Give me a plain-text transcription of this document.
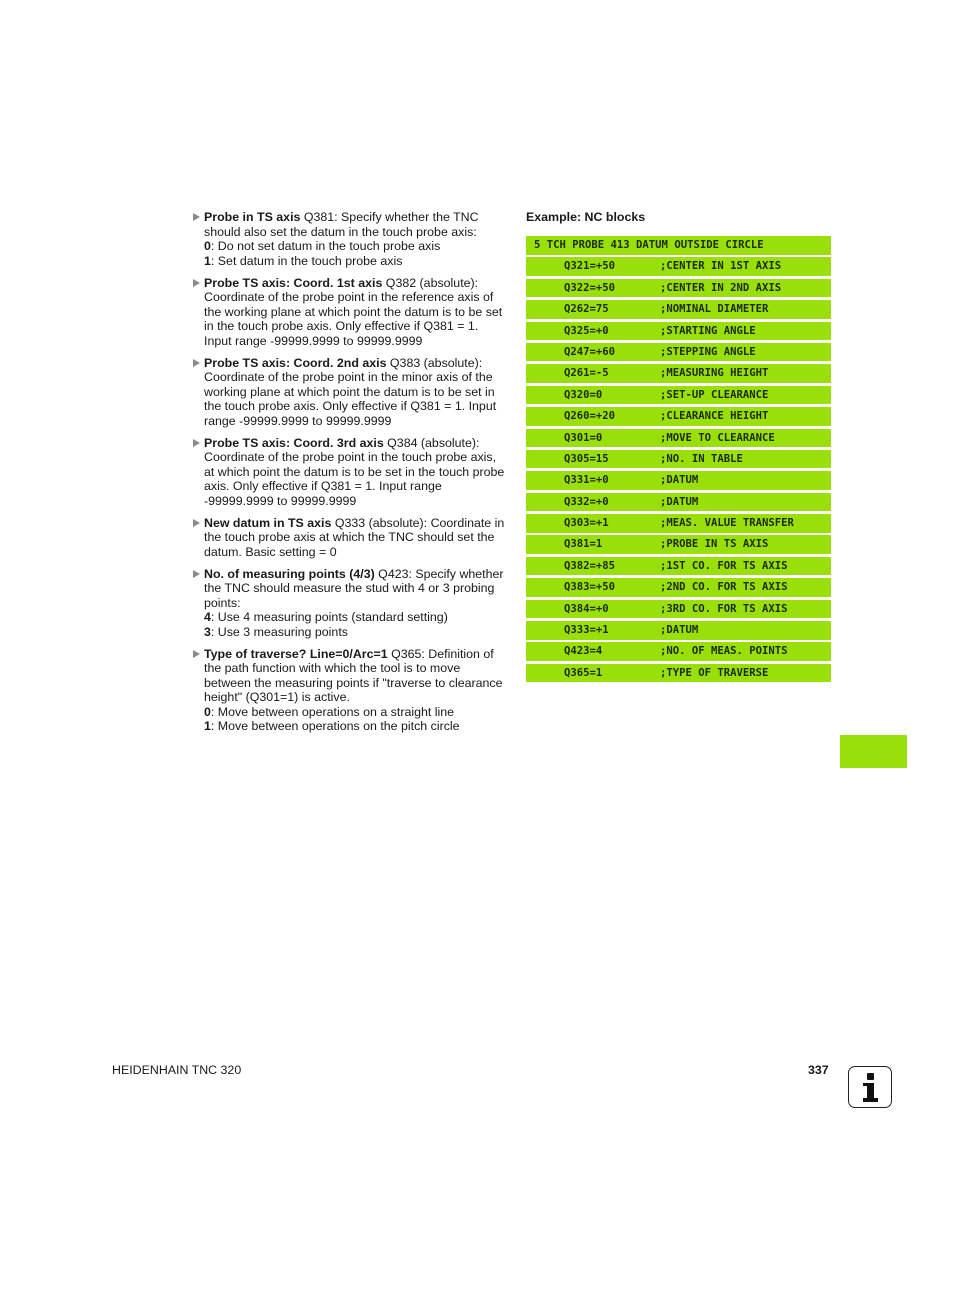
Probe in TS axis Q381: Specify whether the TNC should also set the datum in the touch probe axis:
0: Do not set datum in the touch probe axis
1: Set datum in the touch probe axis
Probe TS axis: Coord. 1st axis Q382 (absolute): Coordinate of the probe point in the reference axis of the working plane at which point the datum is to be set in the touch probe axis. Only effective if Q381 = 1. Input range -99999.9999 to 99999.9999
Probe TS axis: Coord. 2nd axis Q383 (absolute): Coordinate of the probe point in the minor axis of the working plane at which point the datum is to be set in the touch probe axis. Only effective if Q381 = 1. Input range -99999.9999 to 99999.9999
Probe TS axis: Coord. 3rd axis Q384 (absolute): Coordinate of the probe point in the touch probe axis, at which point the datum is to be set in the touch probe axis. Only effective if Q381 = 1. Input range -99999.9999 to 99999.9999
New datum in TS axis Q333 (absolute): Coordinate in the touch probe axis at which the TNC should set the datum. Basic setting = 0
No. of measuring points (4/3) Q423: Specify whether the TNC should measure the stud with 4 or 3 probing points:
4: Use 4 measuring points (standard setting)
3: Use 3 measuring points
Type of traverse? Line=0/Arc=1 Q365: Definition of the path function with which the tool is to move between the measuring points if "traverse to clearance height" (Q301=1) is active.
0: Move between operations on a straight line
1: Move between operations on the pitch circle
Example: NC blocks
5 TCH PROBE 413 DATUM OUTSIDE CIRCLE
Q321=+50	;CENTER IN 1ST AXIS
Q322=+50	;CENTER IN 2ND AXIS
Q262=75	;NOMINAL DIAMETER
Q325=+0	;STARTING ANGLE
Q247=+60	;STEPPING ANGLE
Q261=-5	;MEASURING HEIGHT
Q320=0	;SET-UP CLEARANCE
Q260=+20	;CLEARANCE HEIGHT
Q301=0	;MOVE TO CLEARANCE
Q305=15	;NO. IN TABLE
Q331=+0	;DATUM
Q332=+0	;DATUM
Q303=+1	;MEAS. VALUE TRANSFER
Q381=1	;PROBE IN TS AXIS
Q382=+85	;1ST CO. FOR TS AXIS
Q383=+50	;2ND CO. FOR TS AXIS
Q384=+0	;3RD CO. FOR TS AXIS
Q333=+1	;DATUM
Q423=4	;NO. OF MEAS. POINTS
Q365=1	;TYPE OF TRAVERSE
HEIDENHAIN TNC 320	337
